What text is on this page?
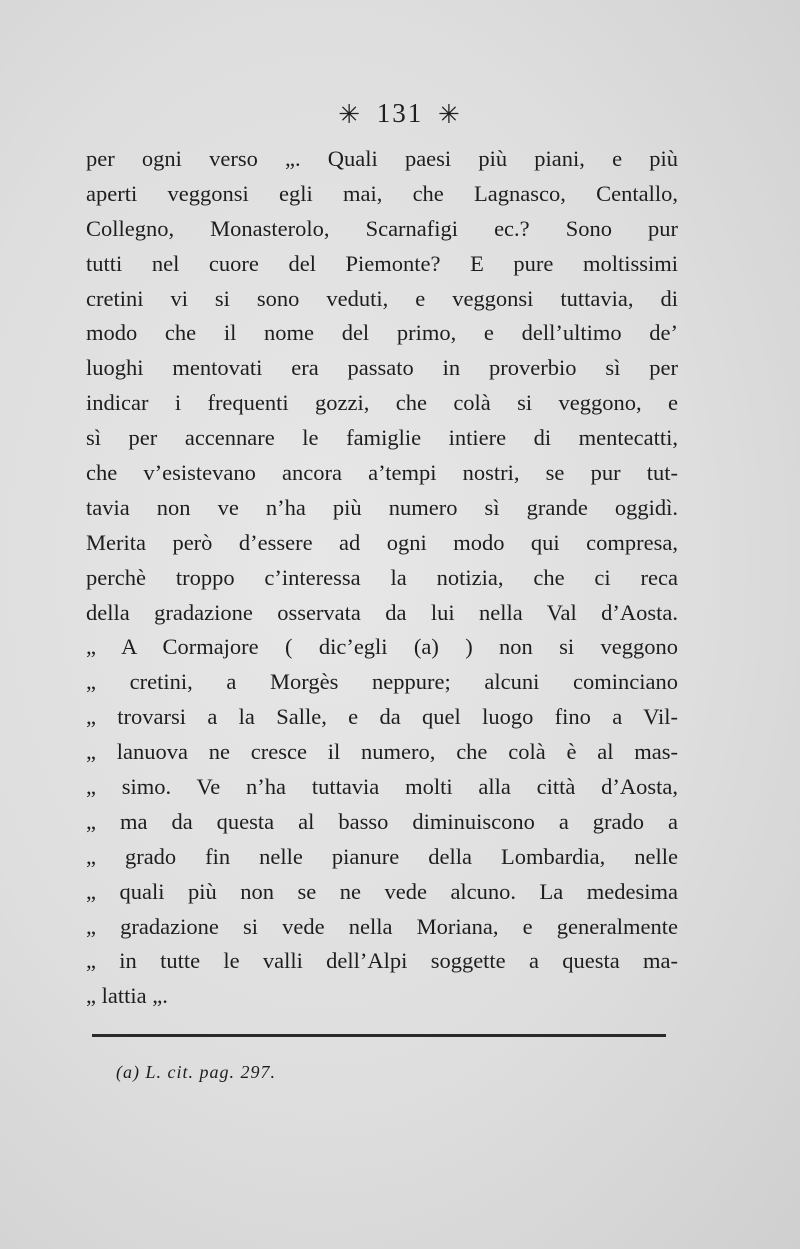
✳ 131 ✳
per ogni verso „. Quali paesi più piani, e più
aperti veggonsi egli mai, che Lagnasco, Centallo,
Collegno, Monasterolo, Scarnafigi ec.? Sono pur
tutti nel cuore del Piemonte? E pure moltissimi
cretini vi si sono veduti, e veggonsi tuttavia, di
modo che il nome del primo, e dell’ultimo de’
luoghi mentovati era passato in proverbio sì per
indicar i frequenti gozzi, che colà si veggono, e
sì per accennare le famiglie intiere di mentecatti,
che v’esistevano ancora a’tempi nostri, se pur tut-
tavia non ve n’ha più numero sì grande oggidì.
Merita però d’essere ad ogni modo qui compresa,
perchè troppo c’interessa la notizia, che ci reca
della gradazione osservata da lui nella Val d’Aosta.
„ A Cormajore ( dic’egli (a) ) non si veggono
„ cretini, a Morgès neppure; alcuni cominciano
„ trovarsi a la Salle, e da quel luogo fino a Vil-
„ lanuova ne cresce il numero, che colà è al mas-
„ simo. Ve n’ha tuttavia molti alla città d’Aosta,
„ ma da questa al basso diminuiscono a grado a
„ grado fin nelle pianure della Lombardia, nelle
„ quali più non se ne vede alcuno. La medesima
„ gradazione si vede nella Moriana, e generalmente
„ in tutte le valli dell’Alpi soggette a questa ma-
„ lattia „.
(a) L. cit. pag. 297.
